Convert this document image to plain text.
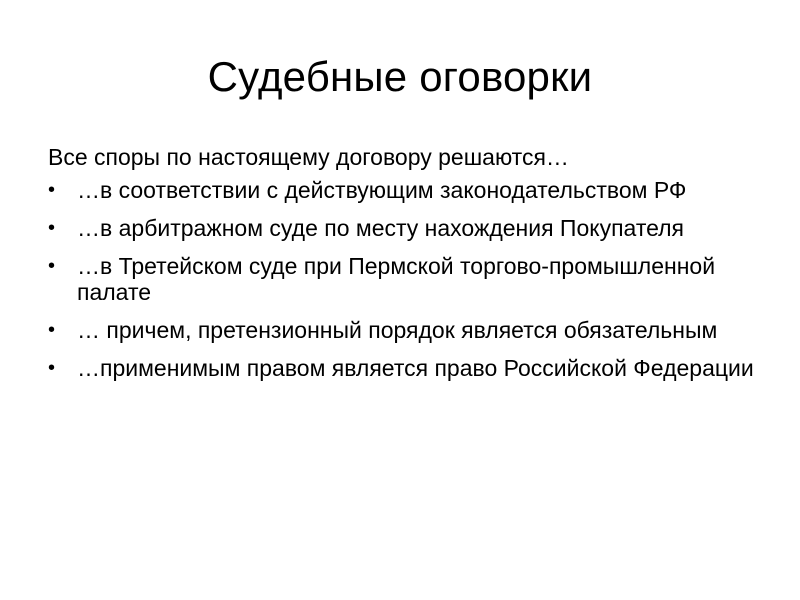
Судебные оговорки

Все споры по настоящему договору решаются…

• …в соответствии с действующим законодательством РФ
• …в арбитражном суде по месту нахождения Покупателя
• …в Третейском суде при Пермской торгово-промышленной палате
• … причем, претензионный порядок является обязательным
• …применимым правом является право Российской Федерации
